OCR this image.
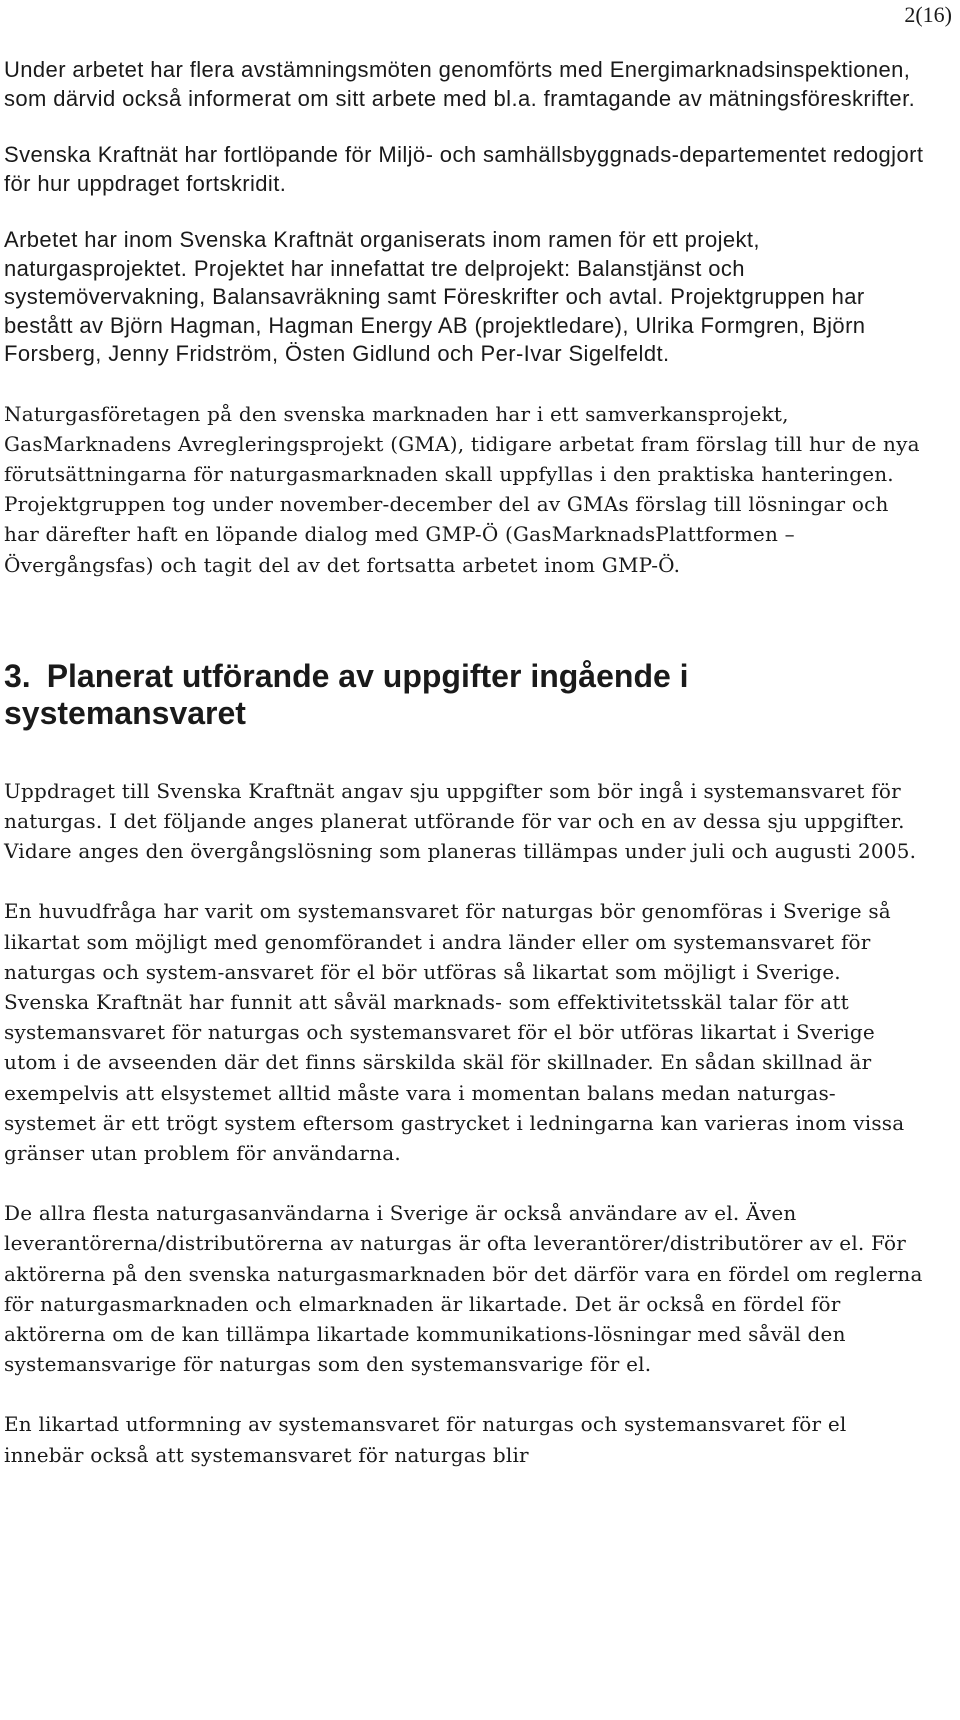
2(16)

Under arbetet har flera avstämningsmöten genomförts med Energimarknadsinspektionen, som därvid också informerat om sitt arbete med bl.a. framtagande av mätningsföreskrifter.

Svenska Kraftnät har fortlöpande för Miljö- och samhällsbyggnads-departementet redogjort för hur uppdraget fortskridit.

Arbetet har inom Svenska Kraftnät organiserats inom ramen för ett projekt, naturgasprojektet. Projektet har innefattat tre delprojekt: Balanstjänst och systemövervakning, Balansavräkning samt Föreskrifter och avtal. Projektgruppen har bestått av Björn Hagman, Hagman Energy AB (projektledare), Ulrika Formgren, Björn Forsberg, Jenny Fridström, Östen Gidlund och Per-Ivar Sigelfeldt.

Naturgasföretagen på den svenska marknaden har i ett samverkansprojekt, GasMarknadens Avregleringsprojekt (GMA), tidigare arbetat fram förslag till hur de nya förutsättningarna för naturgasmarknaden skall uppfyllas i den praktiska hanteringen. Projektgruppen tog under november-december del av GMAs förslag till lösningar och har därefter haft en löpande dialog med GMP-Ö (GasMarknadsPlattformen – Övergångsfas) och tagit del av det fortsatta arbetet inom GMP-Ö.

3. Planerat utförande av uppgifter ingående i systemansvaret

Uppdraget till Svenska Kraftnät angav sju uppgifter som bör ingå i systemansvaret för naturgas. I det följande anges planerat utförande för var och en av dessa sju uppgifter. Vidare anges den övergångslösning som planeras tillämpas under juli och augusti 2005.

En huvudfråga har varit om systemansvaret för naturgas bör genomföras i Sverige så likartat som möjligt med genomförandet i andra länder eller om systemansvaret för naturgas och system-ansvaret för el bör utföras så likartat som möjligt i Sverige. Svenska Kraftnät har funnit att såväl marknads- som effektivitetsskäl talar för att systemansvaret för naturgas och systemansvaret för el bör utföras likartat i Sverige utom i de avseenden där det finns särskilda skäl för skillnader. En sådan skillnad är exempelvis att elsystemet alltid måste vara i momentan balans medan naturgas-systemet är ett trögt system eftersom gastrycket i ledningarna kan varieras inom vissa gränser utan problem för användarna.

De allra flesta naturgasanvändarna i Sverige är också användare av el. Även leverantörerna/distributörerna av naturgas är ofta leverantörer/distributörer av el. För aktörerna på den svenska naturgasmarknaden bör det därför vara en fördel om reglerna för naturgasmarknaden och elmarknaden är likartade. Det är också en fördel för aktörerna om de kan tillämpa likartade kommunikations-lösningar med såväl den systemansvarige för naturgas som den systemansvarige för el.

En likartad utformning av systemansvaret för naturgas och systemansvaret för el innebär också att systemansvaret för naturgas blir
